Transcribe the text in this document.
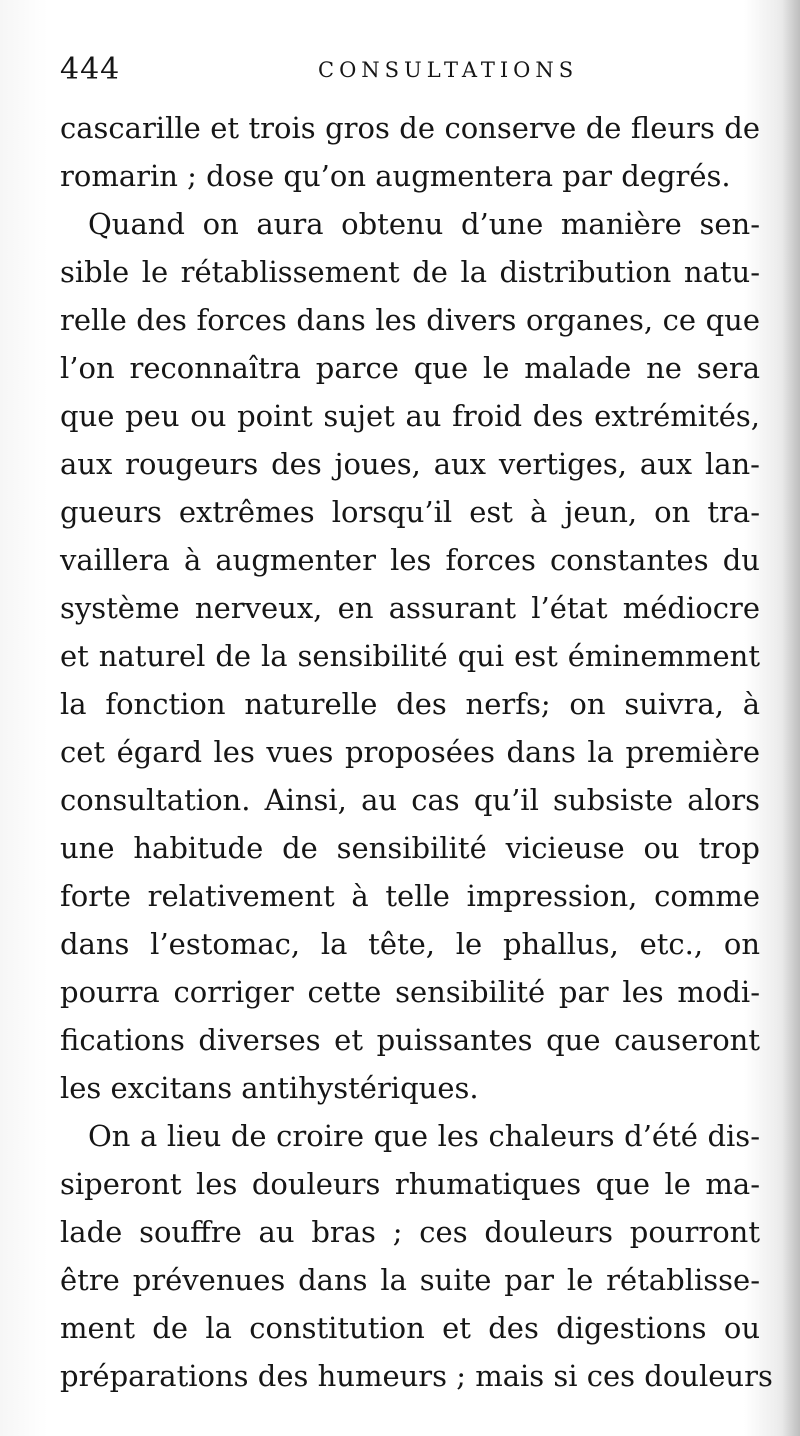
444	CONSULTATIONS
cascarille et trois gros de conserve de fleurs de
romarin ; dose qu’on augmentera par degrés.
Quand on aura obtenu d’une manière sen-
sible le rétablissement de la distribution natu-
relle des forces dans les divers organes, ce que
l’on reconnaîtra parce que le malade ne sera
que peu ou point sujet au froid des extrémités,
aux rougeurs des joues, aux vertiges, aux lan-
gueurs extrêmes lorsqu’il est à jeun, on tra-
vaillera à augmenter les forces constantes du
système nerveux, en assurant l’état médiocre
et naturel de la sensibilité qui est éminemment
la fonction naturelle des nerfs; on suivra, à
cet égard les vues proposées dans la première
consultation. Ainsi, au cas qu’il subsiste alors
une habitude de sensibilité vicieuse ou trop
forte relativement à telle impression, comme
dans l’estomac, la tête, le phallus, etc., on
pourra corriger cette sensibilité par les modi-
fications diverses et puissantes que causeront
les excitans antihystériques.
On a lieu de croire que les chaleurs d’été dis-
siperont les douleurs rhumatiques que le ma-
lade souffre au bras ; ces douleurs pourront
être prévenues dans la suite par le rétablisse-
ment de la constitution et des digestions ou
préparations des humeurs ; mais si ces douleurs
